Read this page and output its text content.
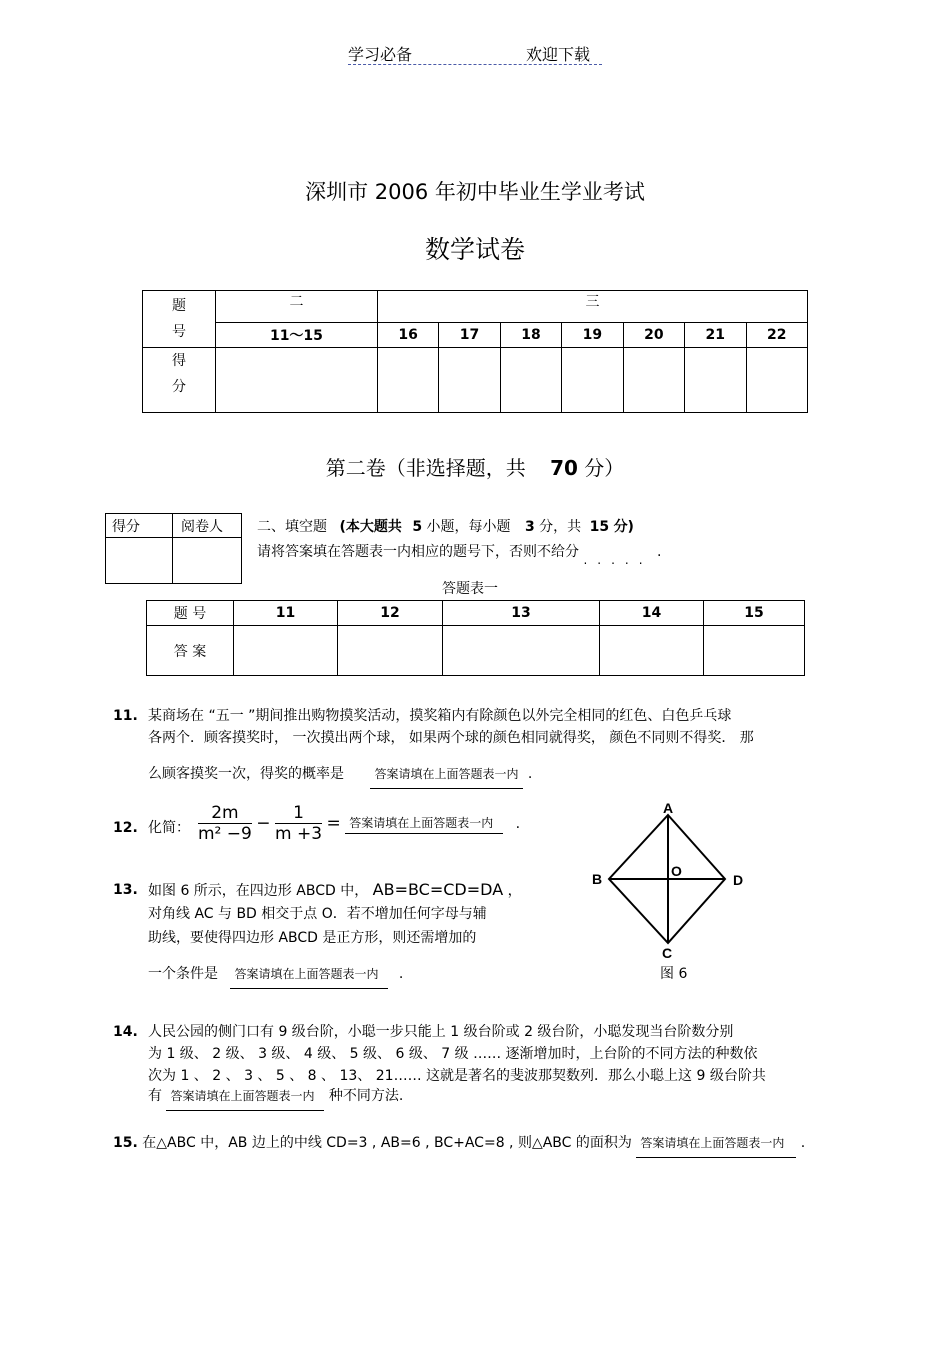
学习必备	欢迎下载
深圳市 2006 年初中毕业生学业考试
数学试卷
题
号	二	三						
	11～15	16	17	18	19	20	21	22
得
分								
第二卷（非选择题，共 70 分）
得分	阅卷人
	二、填空题 (本大题共 5 小题，每小题 3 分，共 15 分)
请将答案填在答题表一内相应的题号下，否则不给分 ..... .
答题表一
题 号	11	12	13	14	15
答 案					
11. 某商场在 “五一 ”期间推出购物摸奖活动，摸奖箱内有除颜色以外完全相同的红色、白色乒乓球
各两个．顾客摸奖时， 一次摸出两个球， 如果两个球的颜色相同就得奖， 颜色不同则不得奖． 那
么顾客摸奖一次，得奖的概率是	答案请填在上面答题表一内 .
12. 化简： $\frac{2m}{\text{m² −9}} - \frac{1}{m +3}$ = 答案请填在上面答题表一内 .
13. 如图 6 所示，在四边形 ABCD 中， AB=BC=CD=DA ，
对角线 AC 与 BD 相交于点 O．若不增加任何字母与辅
助线，要使得四边形 ABCD 是正方形，则还需增加的
一个条件是 答案请填在上面答题表一内 .
A
B
C
D
O
图 6
14. 人民公园的侧门口有 9 级台阶，小聪一步只能上 1 级台阶或 2 级台阶，小聪发现当台阶数分别
为 1 级、 2 级、 3 级、 4 级、 5 级、 6 级、 7 级 …… 逐渐增加时，上台阶的不同方法的种数依
次为 1 、 2 、 3 、 5 、 8 、 13、 21…… 这就是著名的斐波那契数列．那么小聪上这 9 级台阶共
有 答案请填在上面答题表一内 种不同方法.
15. 在△ABC 中，AB 边上的中线 CD=3 , AB=6 , BC+AC=8 , 则△ABC 的面积为 答案请填在上面答题表一内 .
